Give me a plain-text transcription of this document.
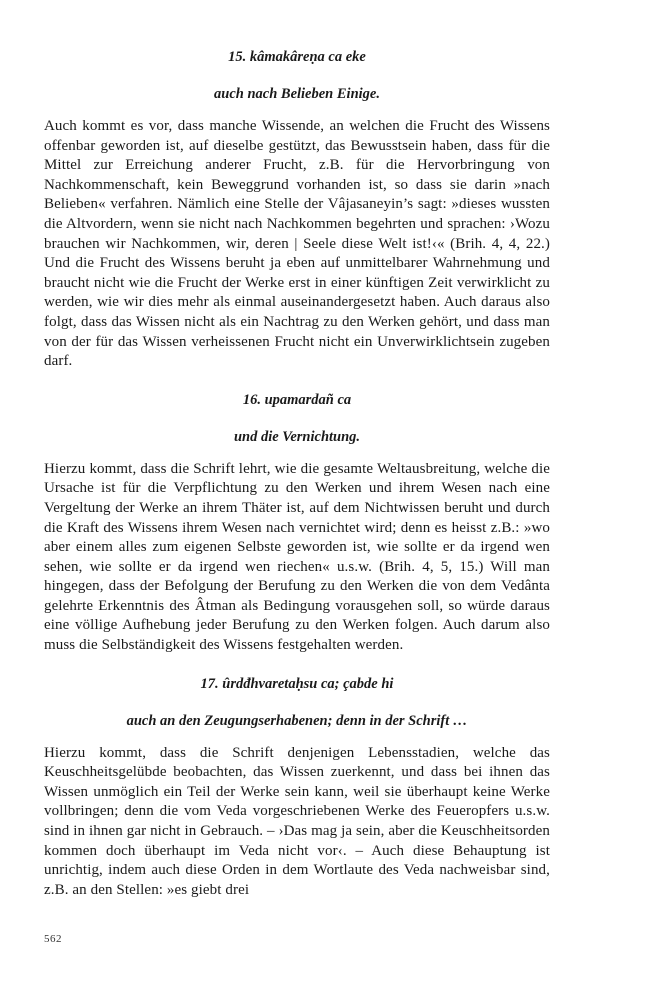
15. kâmakâreṇa ca eke
auch nach Belieben Einige.

Auch kommt es vor, dass manche Wissende, an welchen die Frucht des Wissens offenbar geworden ist, auf dieselbe gestützt, das Bewusstsein haben, dass für die Mittel zur Erreichung anderer Frucht, z.B. für die Hervorbringung von Nachkommenschaft, kein Beweggrund vorhanden ist, so dass sie darin »nach Belieben« verfahren. Nämlich eine Stelle der Vâjasaneyin’s sagt: »dieses wussten die Altvordern, wenn sie nicht nach Nachkommen begehrten und sprachen: ›Wozu brauchen wir Nachkommen, wir, deren | Seele diese Welt ist!‹« (Brih. 4, 4, 22.) Und die Frucht des Wissens beruht ja eben auf unmittelbarer Wahrnehmung und braucht nicht wie die Frucht der Werke erst in einer künftigen Zeit verwirklicht zu werden, wie wir dies mehr als einmal auseinandergesetzt haben. Auch daraus also folgt, dass das Wissen nicht als ein Nachtrag zu den Werken gehört, und dass man von der für das Wissen verheissenen Frucht nicht ein Unverwirklichtsein zugeben darf.

16. upamardañ ca
und die Vernichtung.

Hierzu kommt, dass die Schrift lehrt, wie die gesamte Weltausbreitung, welche die Ursache ist für die Verpflichtung zu den Werken und ihrem Wesen nach eine Vergeltung der Werke an ihrem Thäter ist, auf dem Nichtwissen beruht und durch die Kraft des Wissens ihrem Wesen nach vernichtet wird; denn es heisst z.B.: »wo aber einem alles zum eigenen Selbste geworden ist, wie sollte er da irgend wen sehen, wie sollte er da irgend wen riechen« u.s.w. (Brih. 4, 5, 15.) Will man hingegen, dass der Befolgung der Berufung zu den Werken die von dem Vedânta gelehrte Erkenntnis des Âtman als Bedingung vorausgehen soll, so würde daraus eine völlige Aufhebung jeder Berufung zu den Werken folgen. Auch darum also muss die Selbständigkeit des Wissens festgehalten werden.

17. ûrdđhvaretaḥsu ca; çabde hi
auch an den Zeugungserhabenen; denn in der Schrift …

Hierzu kommt, dass die Schrift denjenigen Lebensstadien, welche das Keuschheitsgelübde beobachten, das Wissen zuerkennt, und dass bei ihnen das Wissen unmöglich ein Teil der Werke sein kann, weil sie überhaupt keine Werke vollbringen; denn die vom Veda vorgeschriebenen Werke des Feueropfers u.s.w. sind in ihnen gar nicht in Gebrauch. – ›Das mag ja sein, aber die Keuschheitsorden kommen doch überhaupt im Veda nicht vor‹. – Auch diese Behauptung ist unrichtig, indem auch diese Orden in dem Wortlaute des Veda nachweisbar sind, z.B. an den Stellen: »es giebt drei

562
